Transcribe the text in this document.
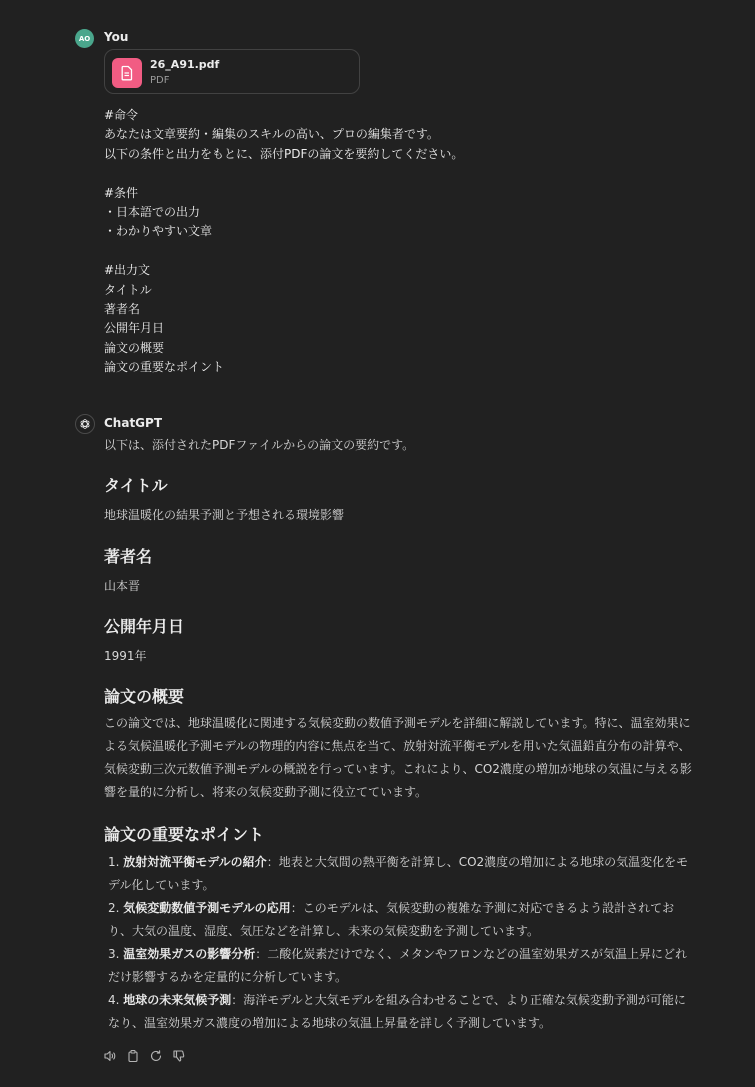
AO	You
26_A91.pdf
PDF
#命令
あなたは文章要約・編集のスキルの高い、プロの編集者です。
以下の条件と出力をもとに、添付PDFの論文を要約してください。

#条件
・日本語での出力
・わかりやすい文章

#出力文
タイトル
著者名
公開年月日
論文の概要
論文の重要なポイント
ChatGPT
以下は、添付されたPDFファイルからの論文の要約です。
タイトル
地球温暖化の結果予測と予想される環境影響
著者名
山本晋
公開年月日
1991年
論文の概要
この論文では、地球温暖化に関連する気候変動の数値予測モデルを詳細に解説しています。特に、温室効果による気候温暖化予測モデルの物理的内容に焦点を当て、放射対流平衡モデルを用いた気温鉛直分布の計算や、気候変動三次元数値予測モデルの概説を行っています。これにより、CO2濃度の増加が地球の気温に与える影響を量的に分析し、将来の気候変動予測に役立てています。
論文の重要なポイント
1. 放射対流平衡モデルの紹介：地表と大気間の熱平衡を計算し、CO2濃度の増加による地球の気温変化をモデル化しています。
2. 気候変動数値予測モデルの応用：このモデルは、気候変動の複雑な予測に対応できるよう設計されており、大気の温度、湿度、気圧などを計算し、未来の気候変動を予測しています。
3. 温室効果ガスの影響分析：二酸化炭素だけでなく、メタンやフロンなどの温室効果ガスが気温上昇にどれだけ影響するかを定量的に分析しています。
4. 地球の未来気候予測：海洋モデルと大気モデルを組み合わせることで、より正確な気候変動予測が可能になり、温室効果ガス濃度の増加による地球の気温上昇量を詳しく予測しています。
